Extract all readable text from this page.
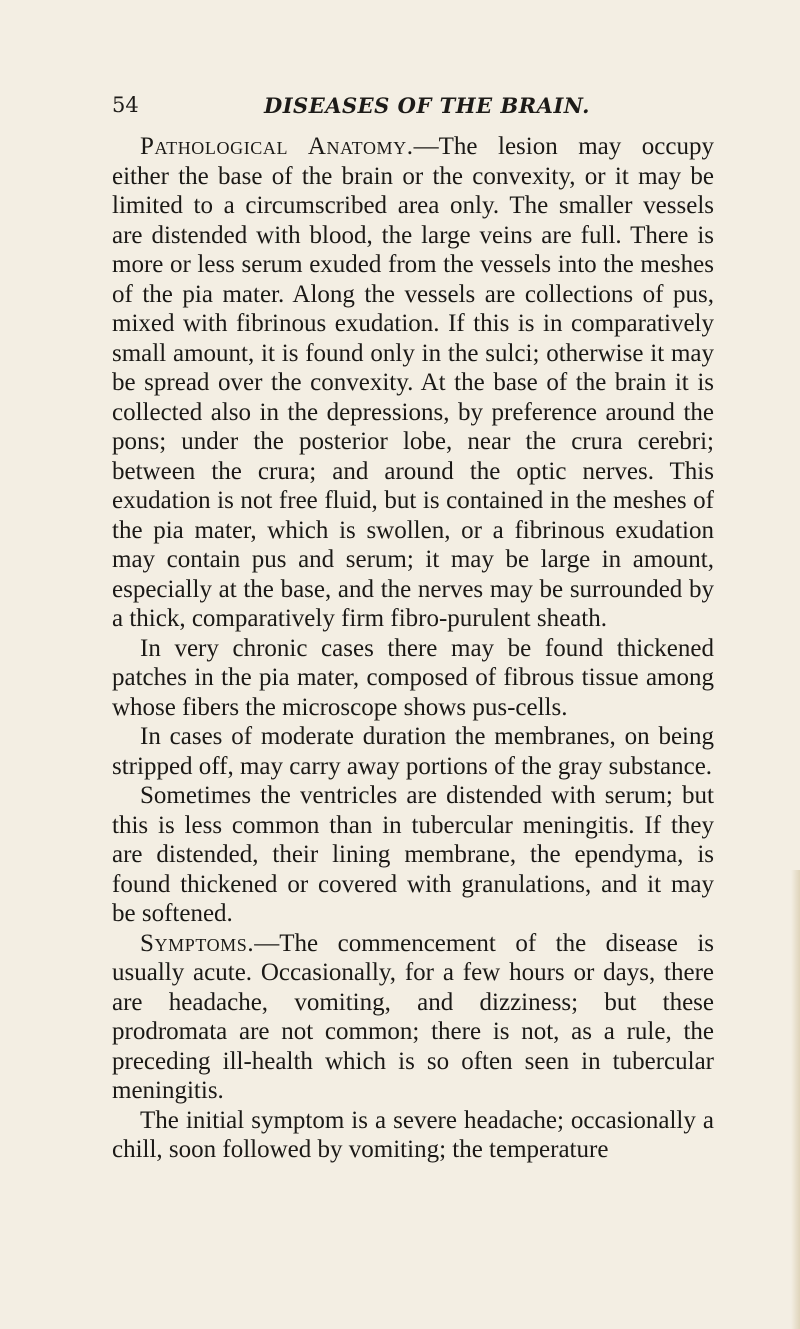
54	DISEASES OF THE BRAIN.

Pathological Anatomy.—The lesion may occupy either the base of the brain or the convexity, or it may be limited to a circumscribed area only. The smaller vessels are distended with blood, the large veins are full. There is more or less serum exuded from the vessels into the meshes of the pia mater. Along the vessels are collections of pus, mixed with fibrinous exudation. If this is in comparatively small amount, it is found only in the sulci; otherwise it may be spread over the convexity. At the base of the brain it is collected also in the depressions, by preference around the pons; under the posterior lobe, near the crura cerebri; between the crura; and around the optic nerves. This exudation is not free fluid, but is contained in the meshes of the pia mater, which is swollen, or a fibrinous exudation may contain pus and serum; it may be large in amount, especially at the base, and the nerves may be surrounded by a thick, comparatively firm fibro-purulent sheath.

In very chronic cases there may be found thickened patches in the pia mater, composed of fibrous tissue among whose fibers the microscope shows pus-cells.

In cases of moderate duration the membranes, on being stripped off, may carry away portions of the gray substance.

Sometimes the ventricles are distended with serum; but this is less common than in tubercular meningitis. If they are distended, their lining membrane, the ependyma, is found thickened or covered with granulations, and it may be softened.

Symptoms.—The commencement of the disease is usually acute. Occasionally, for a few hours or days, there are headache, vomiting, and dizziness; but these prodromata are not common; there is not, as a rule, the preceding ill-health which is so often seen in tubercular meningitis.

The initial symptom is a severe headache; occasionally a chill, soon followed by vomiting; the temperature
